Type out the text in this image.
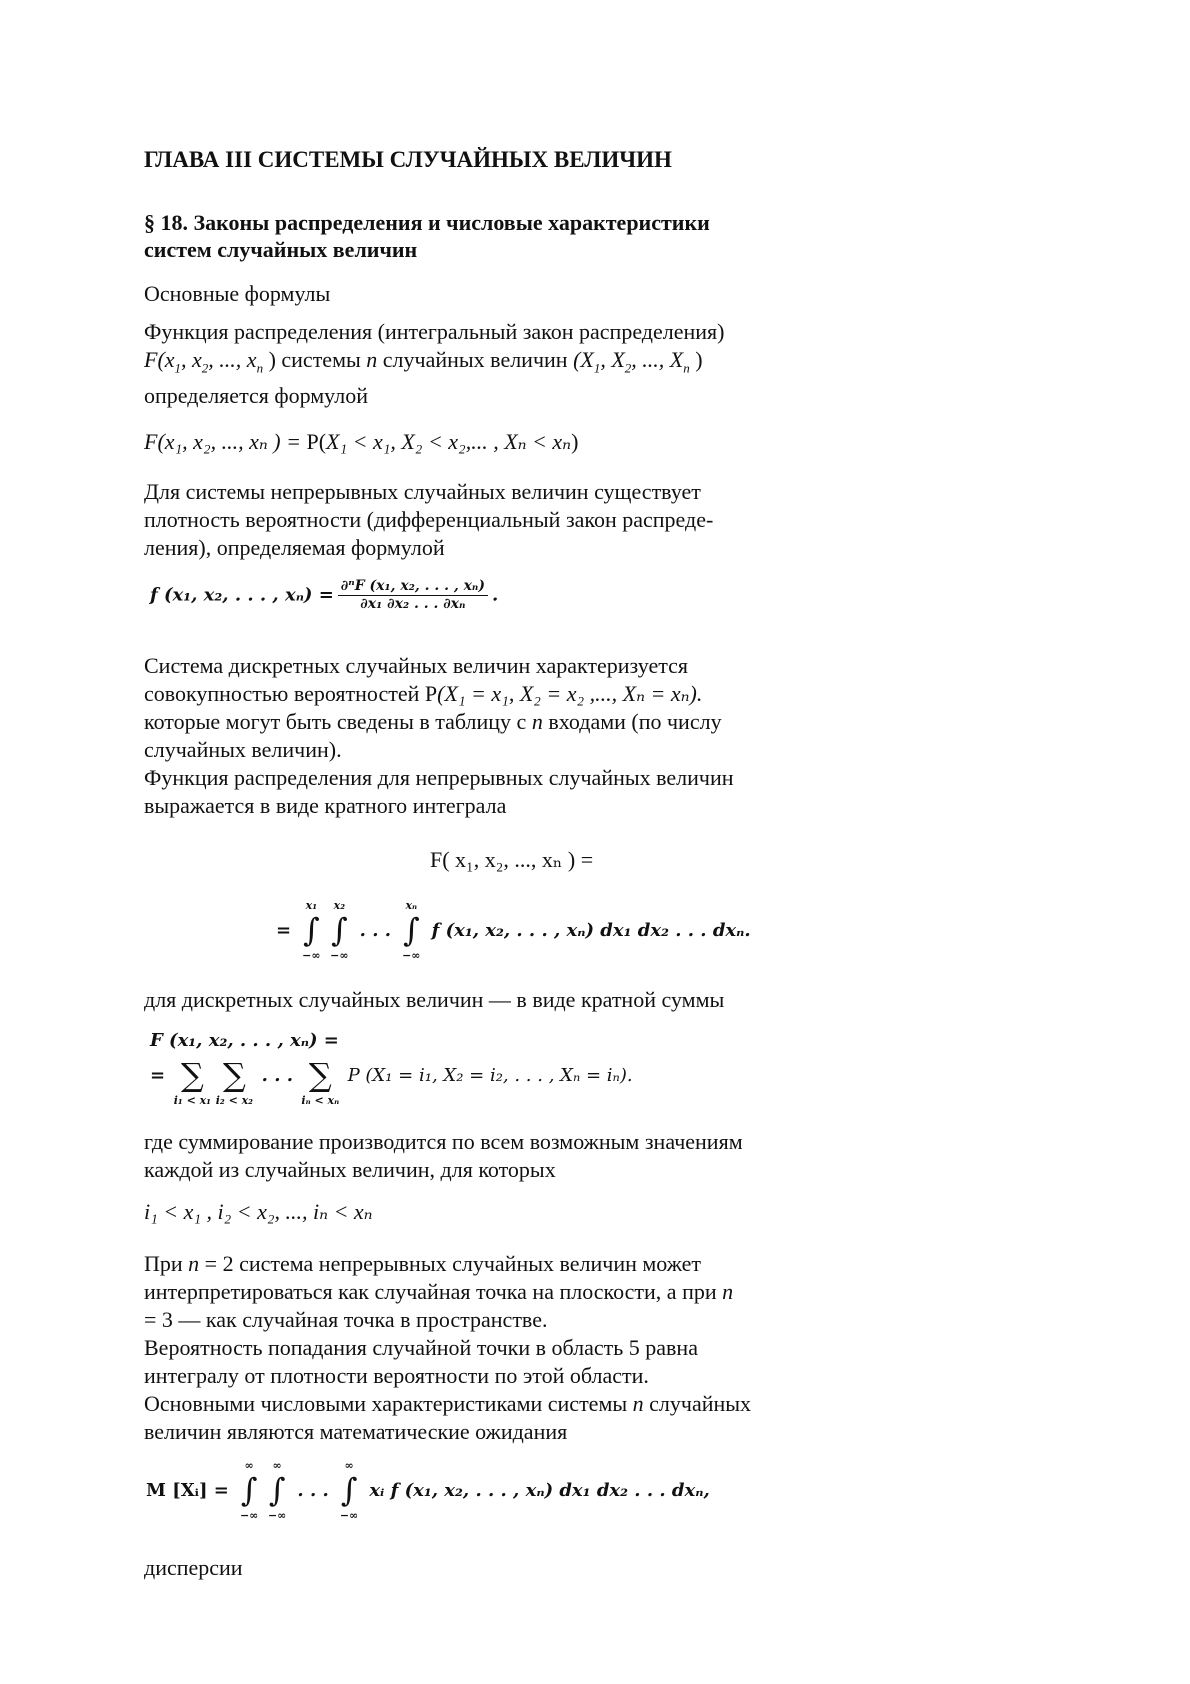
ГЛАВА III СИСТЕМЫ СЛУЧАЙНЫХ ВЕЛИЧИН
§ 18. Законы распределения и числовые характеристики
систем случайных величин
Основные формулы
Функция распределения (интегральный закон распределения)
$F(x_1$, $x_2$, ..., $x_n$ ) системы n случайных величин ($X_1$, $X_2$, ..., $X_n$ )
определяется формулой
F(x₁, x₂, ..., xₙ ) = P(X₁ < x₁, X₂ < x₂,... , Xₙ < xₙ)
Для системы непрерывных случайных величин существует
плотность вероятности (дифференциальный закон распреде-
ления), определяемая формулой
f (x₁, x₂, . . . , $x_n) = \frac{\text{∂ⁿF (x₁, x₂, . . . , xₙ)}}{\text{∂x₁ ∂x₂ . . . ∂xₙ}}$ .
Система дискретных случайных величин характеризуется
совокупностью вероятностей P(X₁ = x₁, X₂ = x₂ ,..., Xₙ = xₙ).
которые могут быть сведены в таблицу с n входами (по числу
случайных величин).
Функция распределения для непрерывных случайных величин
выражается в виде кратного интеграла
F( x₁, x₂, ..., xₙ ) =
=
x₁
∫
−∞
x₂
∫
−∞
. . .
xₙ
∫
−∞
f (x₁, x₂, . . . , xₙ) dx₁ dx₂ . . . dxₙ.
для дискретных случайных величин — в виде кратной суммы
F (x₁, x₂, . . . , xₙ) =
= ∑
i₁ < x₁
∑
i₂ < x₂
. . . ∑
iₙ < xₙ
P (X₁ = i₁, X₂ = i₂, . . . , Xₙ = iₙ).
где суммирование производится по всем возможным значениям
каждой из случайных величин, для которых
i₁ < x₁ , i₂ < x₂, ..., iₙ < xₙ
При n = 2 система непрерывных случайных величин может
интерпретироваться как случайная точка на плоскости, а при n
= 3 — как случайная точка в пространстве.
Вероятность попадания случайной точки в область 5 равна
интегралу от плотности вероятности по этой области.
Основными числовыми характеристиками системы n случайных
величин являются математические ожидания
M [Xᵢ] =
∞
∫
−∞
∞
∫
−∞
. . .
∞
∫
−∞
xᵢ f (x₁, x₂, . . . , xₙ) dx₁ dx₂ . . . dxₙ,
дисперсии
